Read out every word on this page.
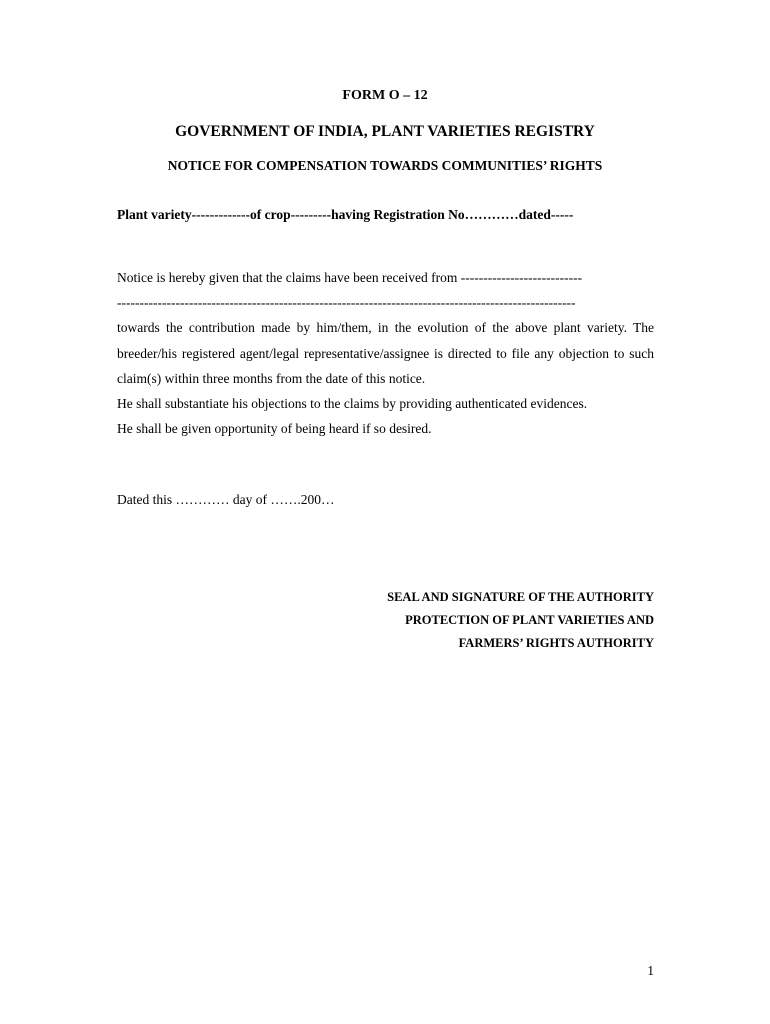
FORM O – 12
GOVERNMENT OF INDIA, PLANT VARIETIES REGISTRY
NOTICE FOR COMPENSATION TOWARDS COMMUNITIES’ RIGHTS
Plant variety-------------of crop---------having Registration No…………dated-----

Notice is hereby given that the claims have been received from ---------------------------

------------------------------------------------------------------------------------------------------

towards the contribution made by him/them, in the evolution of the above plant variety. The breeder/his registered agent/legal representative/assignee is directed to file any objection to such claim(s) within three months from the date of this notice.

He shall substantiate his objections to the claims by providing authenticated evidences.

He shall be given opportunity of being heard if so desired.

Dated this ………… day of …….200…
SEAL AND SIGNATURE OF THE AUTHORITY
PROTECTION OF PLANT VARIETIES AND
FARMERS’ RIGHTS AUTHORITY
1
